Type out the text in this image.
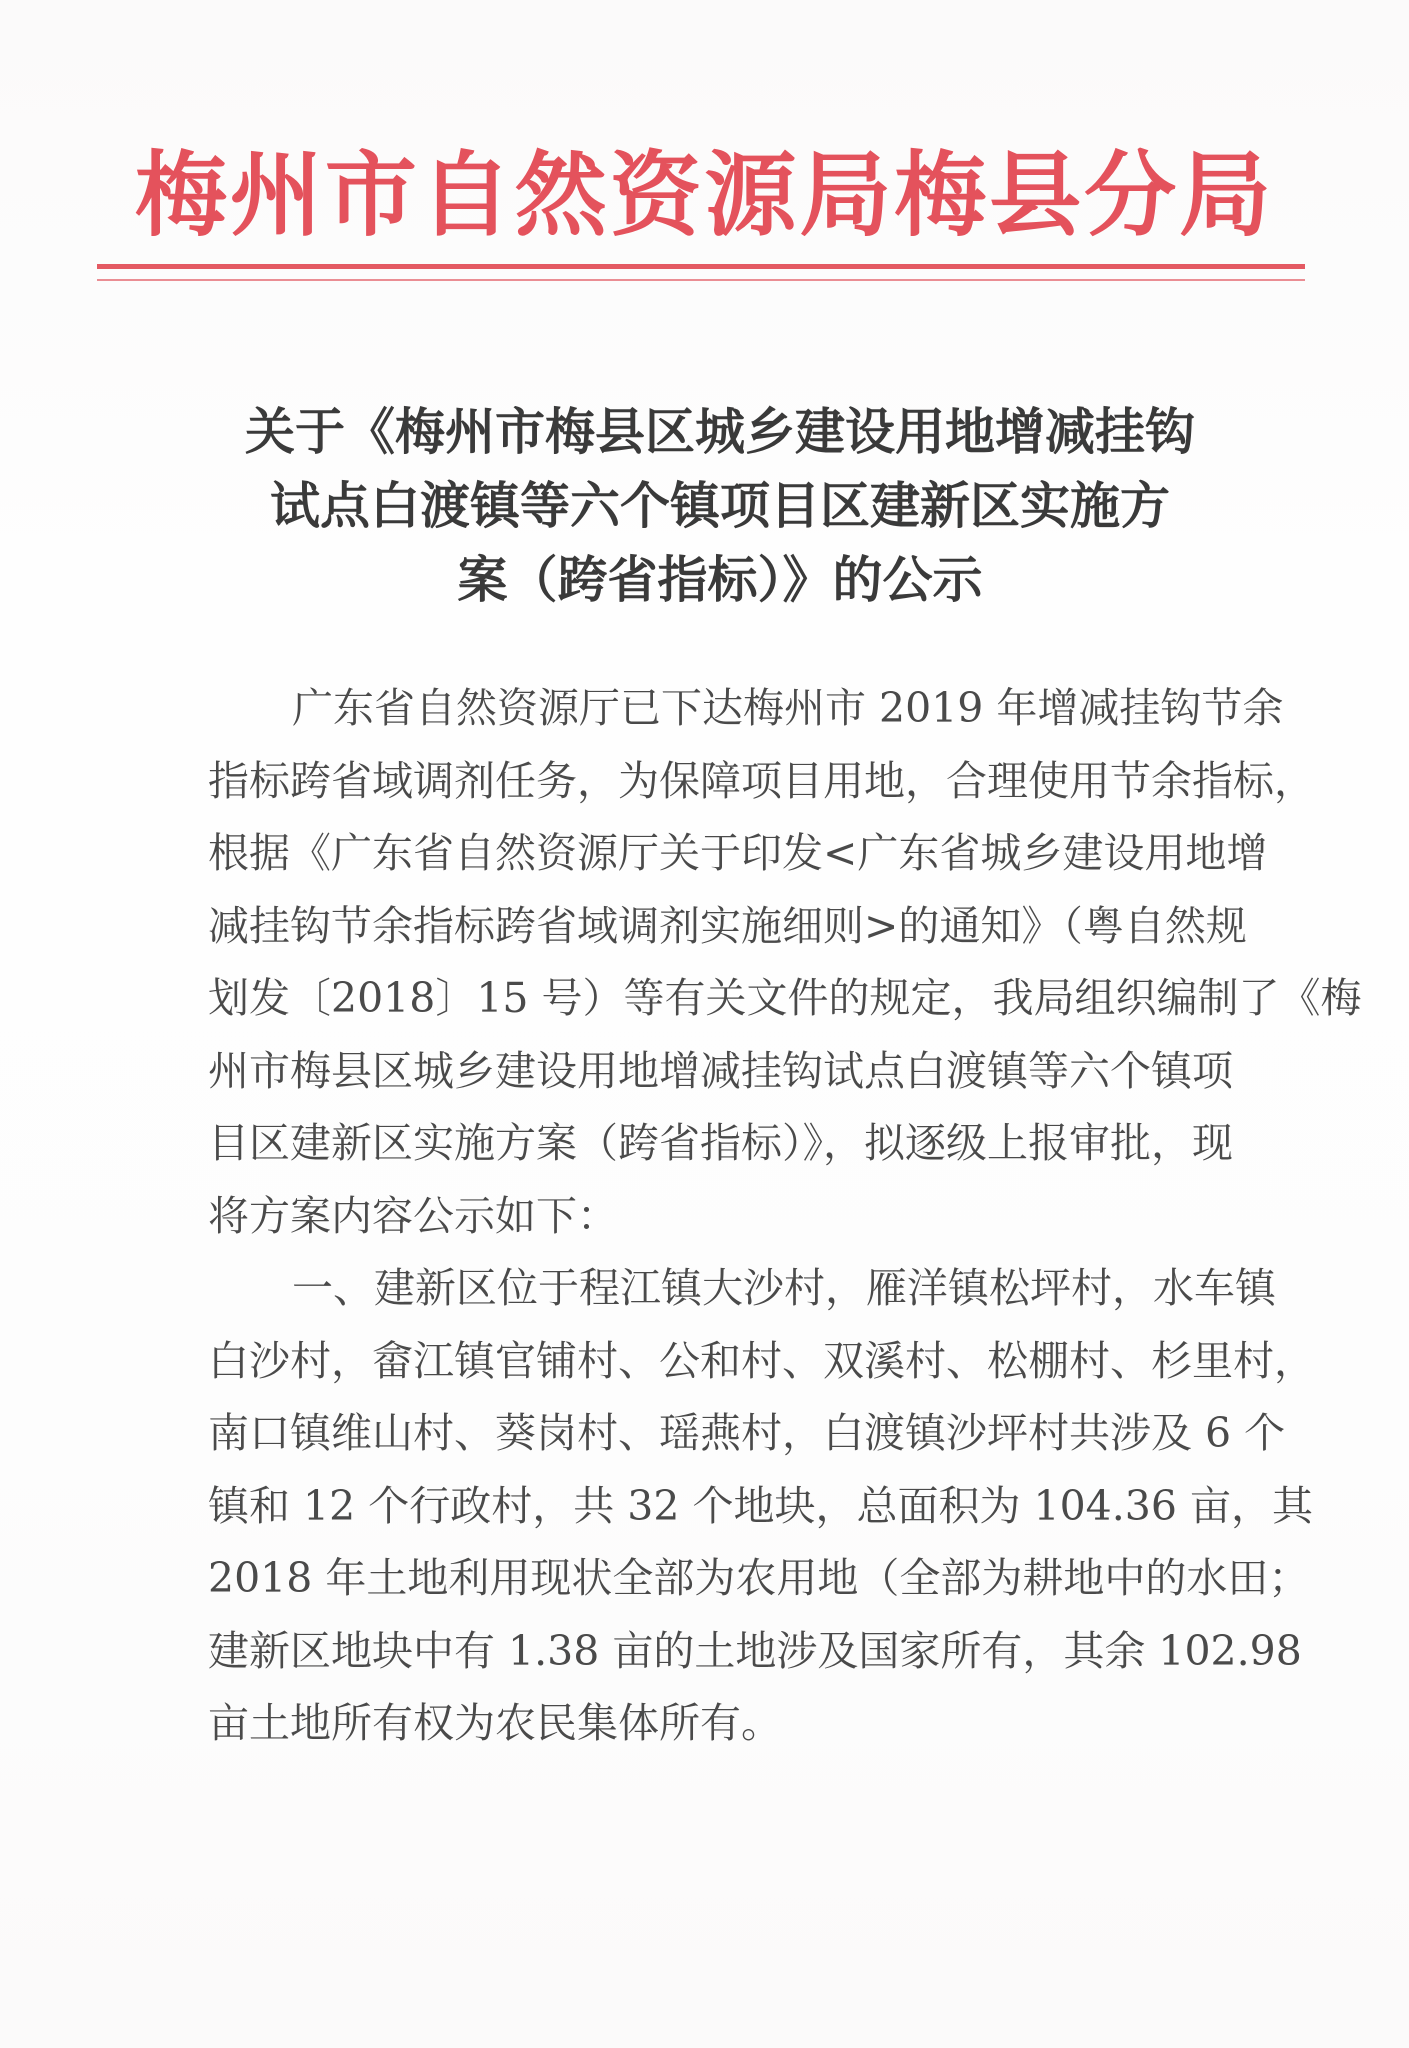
梅 州 市 自 然 资 源 局 梅 县 分 局
关于《梅州市梅县区城乡建设用地增减挂钩
试点白渡镇等六个镇项目区建新区实施方
案（跨省指标）》的公示
广东省自然资源厅已下达梅州市 2019 年增减挂钩节余
指标跨省域调剂任务，为保障项目用地，合理使用节余指标，
根据《广东省自然资源厅关于印发<广东省城乡建设用地增
减挂钩节余指标跨省域调剂实施细则>的通知》（粤自然规
划发〔2018〕15 号）等有关文件的规定，我局组织编制了《梅
州市梅县区城乡建设用地增减挂钩试点白渡镇等六个镇项
目区建新区实施方案（跨省指标）》，拟逐级上报审批，现
将方案内容公示如下：
一、建新区位于程江镇大沙村，雁洋镇松坪村，水车镇
白沙村，畲江镇官铺村、公和村、双溪村、松棚村、杉里村，
南口镇维山村、葵岗村、瑶燕村，白渡镇沙坪村共涉及 6 个
镇和 12 个行政村，共 32 个地块，总面积为 104.36 亩，其
2018 年土地利用现状全部为农用地（全部为耕地中的水田；
建新区地块中有 1.38 亩的土地涉及国家所有，其余 102.98
亩土地所有权为农民集体所有。
